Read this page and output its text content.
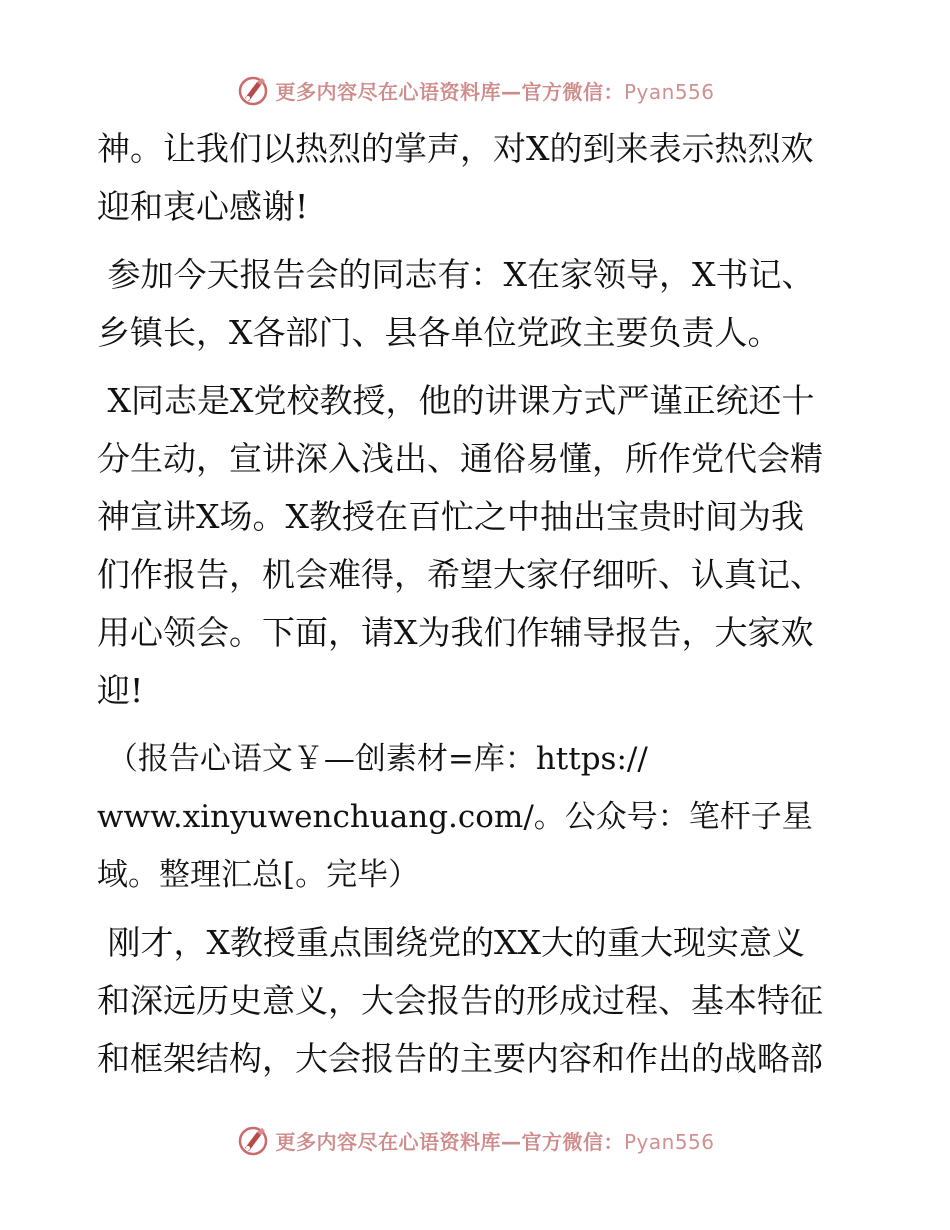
更多内容尽在心语资料库—官方微信：Pyan556

神。让我们以热烈的掌声，对X的到来表示热烈欢
迎和衷心感谢!

参加今天报告会的同志有：X在家领导，X书记、
乡镇长，X各部门、县各单位党政主要负责人。

X同志是X党校教授，他的讲课方式严谨正统还十
分生动，宣讲深入浅出、通俗易懂，所作党代会精
神宣讲X场。X教授在百忙之中抽出宝贵时间为我
们作报告，机会难得，希望大家仔细听、认真记、
用心领会。下面，请X为我们作辅导报告，大家欢
迎!

（报告心语文￥—创素材=库：https://
www.xinyuwenchuang.com/。公众号：笔杆子星
域。整理汇总[。完毕）

刚才，X教授重点围绕党的XX大的重大现实意义
和深远历史意义，大会报告的形成过程、基本特征
和框架结构，大会报告的主要内容和作出的战略部

更多内容尽在心语资料库—官方微信：Pyan556
